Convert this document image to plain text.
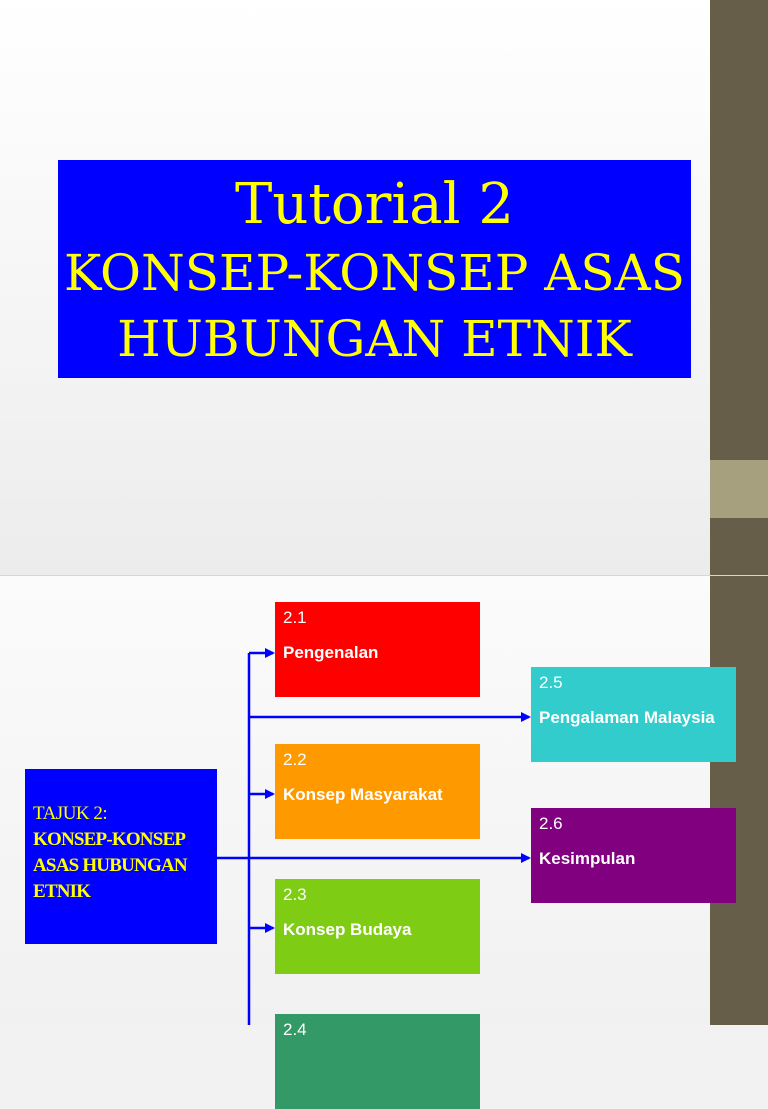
Tutorial 2
KONSEP-KONSEP ASAS
HUBUNGAN ETNIK
TAJUK 2:
KONSEP-KONSEP ASAS HUBUNGAN ETNIK
2.1
Pengenalan
2.2
Konsep Masyarakat
2.3
Konsep Budaya
2.4
2.5
Pengalaman Malaysia
2.6
Kesimpulan
